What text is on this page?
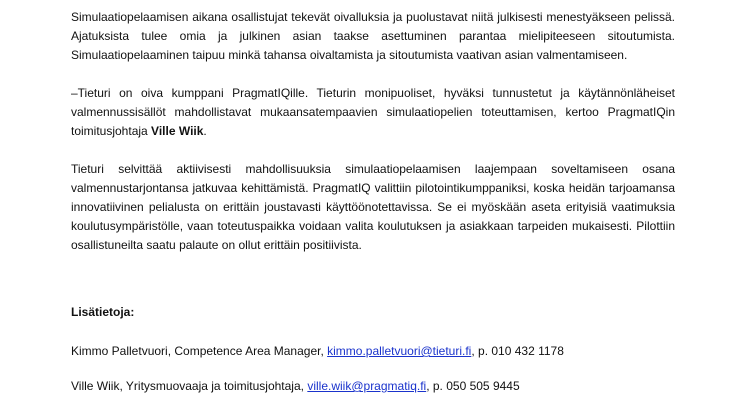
Simulaatiopelaamisen aikana osallistujat tekevät oivalluksia ja puolustavat niitä julkisesti menestyäkseen pelissä. Ajatuksista tulee omia ja julkinen asian taakse asettuminen parantaa mielipiteeseen sitoutumista. Simulaatiopelaaminen taipuu minkä tahansa oivaltamista ja sitoutumista vaativan asian valmentamiseen.

–Tieturi on oiva kumppani PragmatIQille. Tieturin monipuoliset, hyväksi tunnustetut ja käytännönläheiset valmennussisällöt mahdollistavat mukaansatempaavien simulaatiopelien toteuttamisen, kertoo PragmatIQin toimitusjohtaja Ville Wiik.

Tieturi selvittää aktiivisesti mahdollisuuksia simulaatiopelaamisen laajempaan soveltamiseen osana valmennustarjontansa jatkuvaa kehittämistä. PragmatIQ valittiin pilotointikumppaniksi, koska heidän tarjoamansa innovatiivinen pelialusta on erittäin joustavasti käyttöönotettavissa. Se ei myöskään aseta erityisiä vaatimuksia koulutusympäristölle, vaan toteutuspaikka voidaan valita koulutuksen ja asiakkaan tarpeiden mukaisesti. Pilottiin osallistuneilta saatu palaute on ollut erittäin positiivista.

Lisätietoja:

Kimmo Palletvuori, Competence Area Manager, kimmo.palletvuori@tieturi.fi, p. 010 432 1178

Ville Wiik, Yritysmuovaaja ja toimitusjohtaja, ville.wiik@pragmatiq.fi, p. 050 505 9445
